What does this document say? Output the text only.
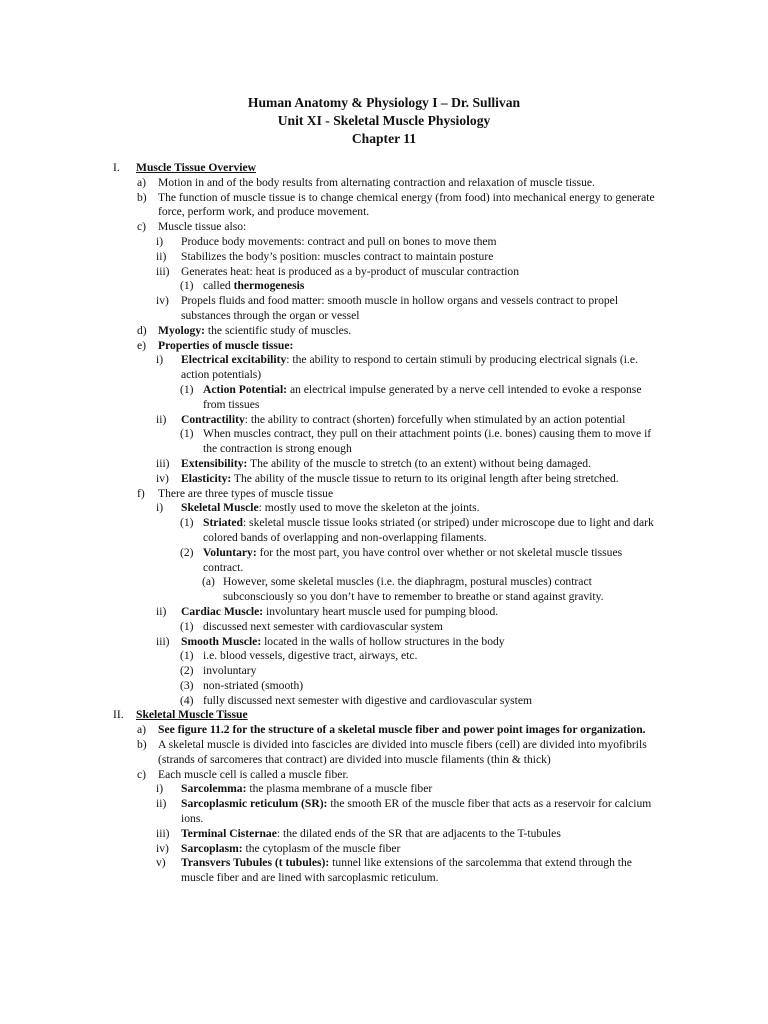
Human Anatomy & Physiology I – Dr. Sullivan
Unit XI - Skeletal Muscle Physiology
Chapter 11
I. Muscle Tissue Overview
a) Motion in and of the body results from alternating contraction and relaxation of muscle tissue.
b) The function of muscle tissue is to change chemical energy (from food) into mechanical energy to generate force, perform work, and produce movement.
c) Muscle tissue also:
i) Produce body movements: contract and pull on bones to move them
ii) Stabilizes the body’s position: muscles contract to maintain posture
iii) Generates heat: heat is produced as a by-product of muscular contraction
(1) called thermogenesis
iv) Propels fluids and food matter: smooth muscle in hollow organs and vessels contract to propel substances through the organ or vessel
d) Myology: the scientific study of muscles.
e) Properties of muscle tissue:
i) Electrical excitability: the ability to respond to certain stimuli by producing electrical signals (i.e. action potentials)
(1) Action Potential: an electrical impulse generated by a nerve cell intended to evoke a response from tissues
ii) Contractility: the ability to contract (shorten) forcefully when stimulated by an action potential
(1) When muscles contract, they pull on their attachment points (i.e. bones) causing them to move if the contraction is strong enough
iii) Extensibility: The ability of the muscle to stretch (to an extent) without being damaged.
iv) Elasticity: The ability of the muscle tissue to return to its original length after being stretched.
f) There are three types of muscle tissue
i) Skeletal Muscle: mostly used to move the skeleton at the joints.
(1) Striated: skeletal muscle tissue looks striated (or striped) under microscope due to light and dark colored bands of overlapping and non-overlapping filaments.
(2) Voluntary: for the most part, you have control over whether or not skeletal muscle tissues contract.
(a) However, some skeletal muscles (i.e. the diaphragm, postural muscles) contract subconsciously so you don’t have to remember to breathe or stand against gravity.
ii) Cardiac Muscle: involuntary heart muscle used for pumping blood.
(1) discussed next semester with cardiovascular system
iii) Smooth Muscle: located in the walls of hollow structures in the body
(1) i.e. blood vessels, digestive tract, airways, etc.
(2) involuntary
(3) non-striated (smooth)
(4) fully discussed next semester with digestive and cardiovascular system
II. Skeletal Muscle Tissue
a) See figure 11.2 for the structure of a skeletal muscle fiber and power point images for organization.
b) A skeletal muscle is divided into fascicles are divided into muscle fibers (cell) are divided into myofibrils (strands of sarcomeres that contract) are divided into muscle filaments (thin & thick)
c) Each muscle cell is called a muscle fiber.
i) Sarcolemma: the plasma membrane of a muscle fiber
ii) Sarcoplasmic reticulum (SR): the smooth ER of the muscle fiber that acts as a reservoir for calcium ions.
iii) Terminal Cisternae: the dilated ends of the SR that are adjacents to the T-tubules
iv) Sarcoplasm: the cytoplasm of the muscle fiber
v) Transvers Tubules (t tubules): tunnel like extensions of the sarcolemma that extend through the muscle fiber and are lined with sarcoplasmic reticulum.
